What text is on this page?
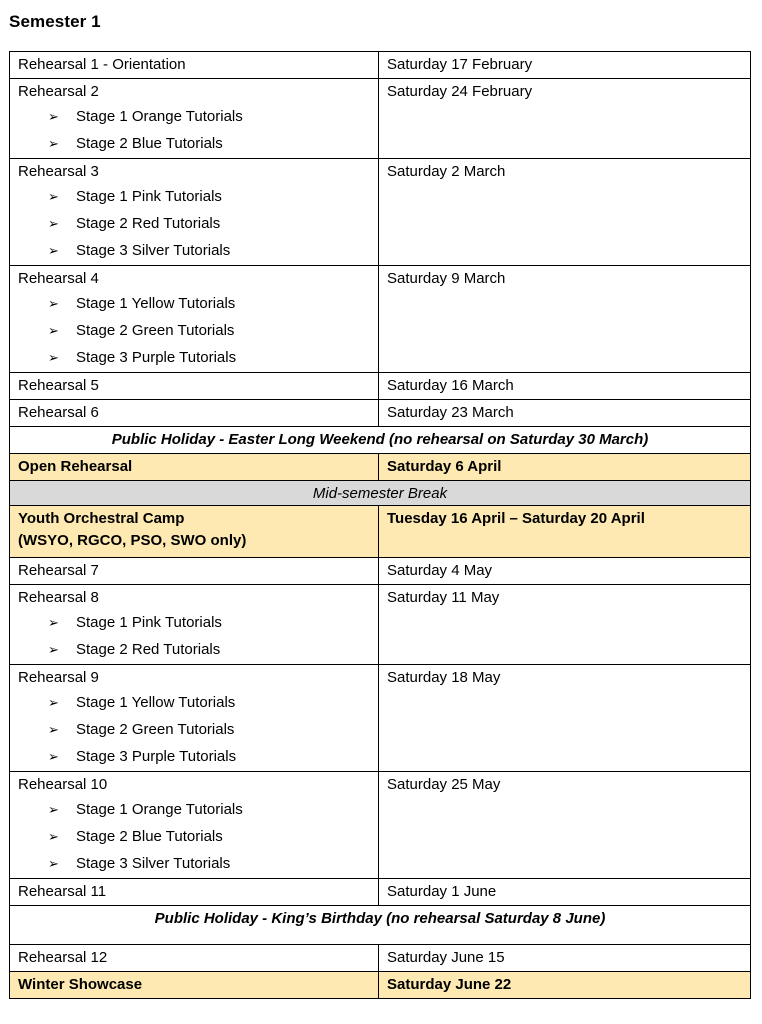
Semester 1
Rehearsal 1 - Orientation	Saturday 17 February
Rehearsal 2
➢ Stage 1 Orange Tutorials
➢ Stage 2 Blue Tutorials	Saturday 24 February
Rehearsal 3
➢ Stage 1 Pink Tutorials
➢ Stage 2 Red Tutorials
➢ Stage 3 Silver Tutorials	Saturday 2 March
Rehearsal 4
➢ Stage 1 Yellow Tutorials
➢ Stage 2 Green Tutorials
➢ Stage 3 Purple Tutorials	Saturday 9 March
Rehearsal 5	Saturday 16 March
Rehearsal 6	Saturday 23 March
Public Holiday - Easter Long Weekend (no rehearsal on Saturday 30 March)	
Open Rehearsal	Saturday 6 April
Mid-semester Break	
Youth Orchestral Camp
(WSYO, RGCO, PSO, SWO only)	Tuesday 16 April – Saturday 20 April
Rehearsal 7	Saturday 4 May
Rehearsal 8
➢ Stage 1 Pink Tutorials
➢ Stage 2 Red Tutorials	Saturday 11 May
Rehearsal 9
➢ Stage 1 Yellow Tutorials
➢ Stage 2 Green Tutorials
➢ Stage 3 Purple Tutorials	Saturday 18 May
Rehearsal 10
➢ Stage 1 Orange Tutorials
➢ Stage 2 Blue Tutorials
➢ Stage 3 Silver Tutorials	Saturday 25 May
Rehearsal 11	Saturday 1 June
Public Holiday - King’s Birthday (no rehearsal Saturday 8 June)	
Rehearsal 12	Saturday June 15
Winter Showcase	Saturday June 22
